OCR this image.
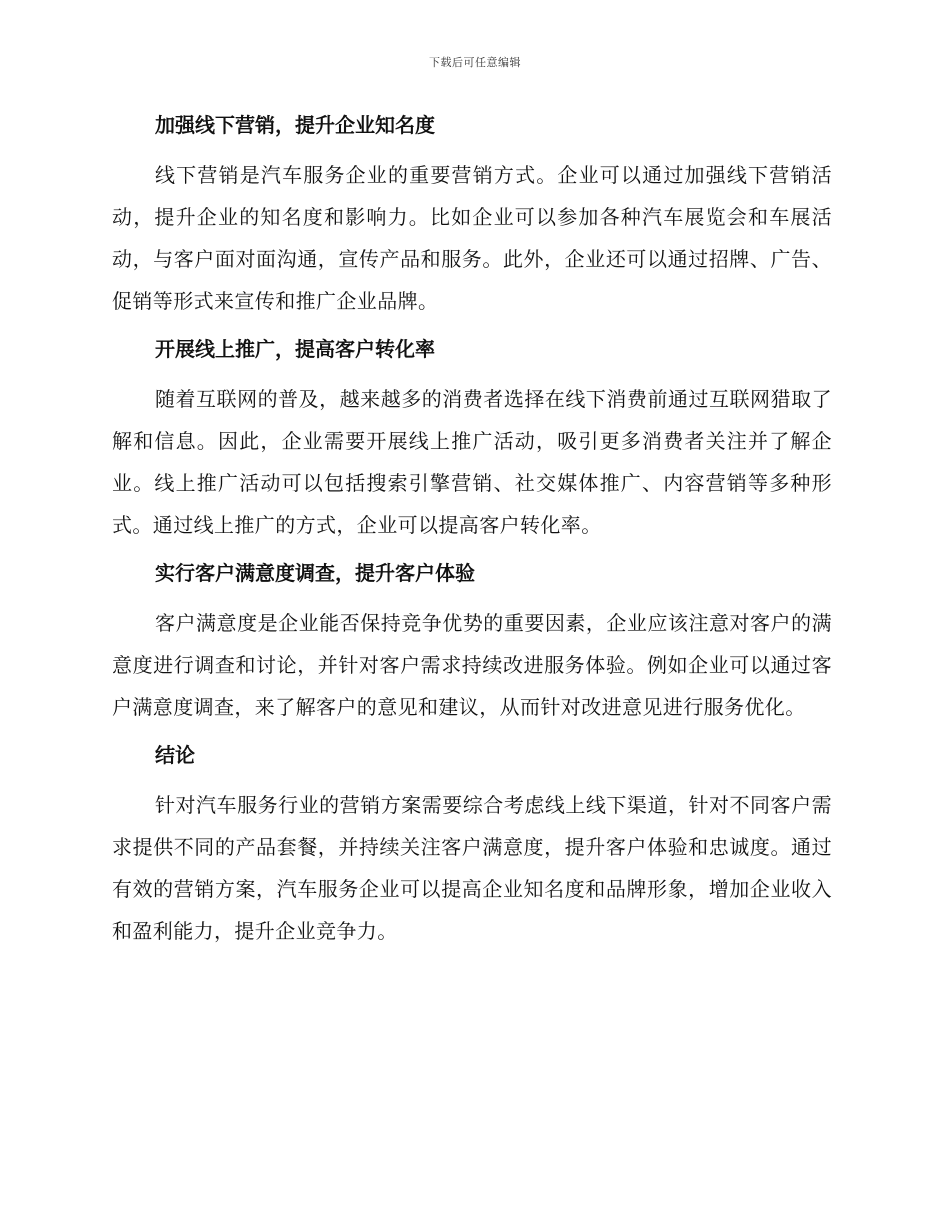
下载后可任意编辑
加强线下营销，提升企业知名度

线下营销是汽车服务企业的重要营销方式。企业可以通过加强线下营销活动，提升企业的知名度和影响力。比如企业可以参加各种汽车展览会和车展活动，与客户面对面沟通，宣传产品和服务。此外，企业还可以通过招牌、广告、促销等形式来宣传和推广企业品牌。

开展线上推广，提高客户转化率

随着互联网的普及，越来越多的消费者选择在线下消费前通过互联网猎取了解和信息。因此，企业需要开展线上推广活动，吸引更多消费者关注并了解企业。线上推广活动可以包括搜索引擎营销、社交媒体推广、内容营销等多种形式。通过线上推广的方式，企业可以提高客户转化率。

实行客户满意度调查，提升客户体验

客户满意度是企业能否保持竞争优势的重要因素，企业应该注意对客户的满意度进行调查和讨论，并针对客户需求持续改进服务体验。例如企业可以通过客户满意度调查，来了解客户的意见和建议，从而针对改进意见进行服务优化。

结论

针对汽车服务行业的营销方案需要综合考虑线上线下渠道，针对不同客户需求提供不同的产品套餐，并持续关注客户满意度，提升客户体验和忠诚度。通过有效的营销方案，汽车服务企业可以提高企业知名度和品牌形象，增加企业收入和盈利能力，提升企业竞争力。
